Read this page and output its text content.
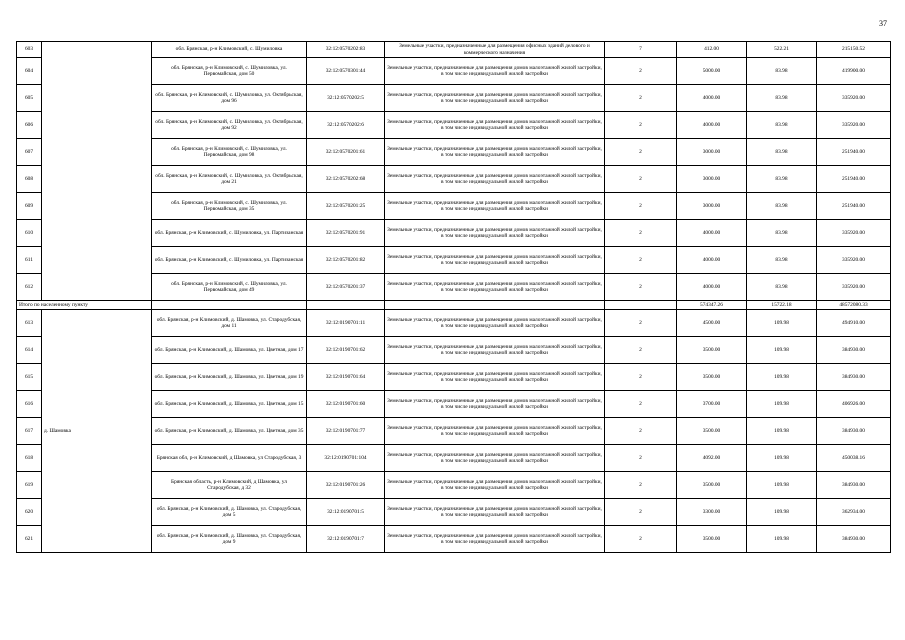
37
603		обл. Брянская, р-н Климовский, с. Шумиловка	32:12:0570202:83	Земельные участки, предназначенные для размещения офисных зданий делового и коммерческого назначения	7	412.00	522.21	215150.52
604		обл. Брянская, р-н Климовский, с. Шумиловка, ул. Первомайская, дом 50	32:12:0570301:44	Земельные участки, предназначенные для размещения домов малоэтажной жилой застройки, в том числе индивидуальной жилой застройки	2	5000.00	83.98	419900.00
605		обл. Брянская, р-н Климовский, с. Шумиловка, ул. Октябрьская, дом 96	32:12:0570202:5	Земельные участки, предназначенные для размещения домов малоэтажной жилой застройки, в том числе индивидуальной жилой застройки	2	4000.00	83.98	335920.00
606		обл. Брянская, р-н Климовский, с. Шумиловка, ул. Октябрьская, дом 92	32:12:0570202:6	Земельные участки, предназначенные для размещения домов малоэтажной жилой застройки, в том числе индивидуальной жилой застройки	2	4000.00	83.98	335920.00
607		обл. Брянская, р-н Климовский, с. Шумиловка, ул. Первомайская, дом 98	32:12:0570201:61	Земельные участки, предназначенные для размещения домов малоэтажной жилой застройки, в том числе индивидуальной жилой застройки	2	3000.00	83.98	251940.00
608		обл. Брянская, р-н Климовский, с. Шумиловка, ул. Октябрьская, дом 21	32:12:0570202:68	Земельные участки, предназначенные для размещения домов малоэтажной жилой застройки, в том числе индивидуальной жилой застройки	2	3000.00	83.98	251940.00
609		обл. Брянская, р-н Климовский, с. Шумиловка, ул. Первомайская, дом 35	32:12:0570201:25	Земельные участки, предназначенные для размещения домов малоэтажной жилой застройки, в том числе индивидуальной жилой застройки	2	3000.00	83.98	251940.00
610		обл. Брянская, р-н Климовский, с. Шумиловка, ул. Партизанская	32:12:0570201:91	Земельные участки, предназначенные для размещения домов малоэтажной жилой застройки, в том числе индивидуальной жилой застройки	2	4000.00	83.98	335920.00
611		обл. Брянская, р-н Климовский, с. Шумиловка, ул. Партизанская	32:12:0570201:82	Земельные участки, предназначенные для размещения домов малоэтажной жилой застройки, в том числе индивидуальной жилой застройки	2	4000.00	83.98	335920.00
612		обл. Брянская, р-н Климовский, с. Шумиловка, ул. Первомайская, дом 49	32:12:0570201:37	Земельные участки, предназначенные для размещения домов малоэтажной жилой застройки, в том числе индивидуальной жилой застройки	2	4000.00	83.98	335920.00
Итого по населенному пункту						574347.26	15722.18	48572080.33
613	д. Шамовка	обл. Брянская, р-н Климовский, д. Шамовка, ул. Стародубская, дом 11	32:12:0190701:11	Земельные участки, предназначенные для размещения домов малоэтажной жилой застройки, в том числе индивидуальной жилой застройки	2	4500.00	109.98	494910.00
614		обл. Брянская, р-н Климовский, д. Шамовка, ул. Цветная, дом 17	32:12:0190701:62	Земельные участки, предназначенные для размещения домов малоэтажной жилой застройки, в том числе индивидуальной жилой застройки	2	3500.00	109.98	384930.00
615		обл. Брянская, р-н Климовский, д. Шамовка, ул. Цветная, дом 19	32:12:0190701:64	Земельные участки, предназначенные для размещения домов малоэтажной жилой застройки, в том числе индивидуальной жилой застройки	2	3500.00	109.98	384930.00
616		обл. Брянская, р-н Климовский, д. Шамовка, ул. Цветная, дом 15	32:12:0190701:60	Земельные участки, предназначенные для размещения домов малоэтажной жилой застройки, в том числе индивидуальной жилой застройки	2	3700.00	109.98	406926.00
617		обл. Брянская, р-н Климовский, д. Шамовка, ул. Цветная, дом 35	32:12:0190701:77	Земельные участки, предназначенные для размещения домов малоэтажной жилой застройки, в том числе индивидуальной жилой застройки	2	3500.00	109.98	384930.00
618		Брянская обл, р-н Климовский, д Шамовка, ул Стародубская, 3	32:12:0190701:104	Земельные участки, предназначенные для размещения домов малоэтажной жилой застройки, в том числе индивидуальной жилой застройки	2	4092.00	109.98	450038.16
619		Брянская область, р-н Климовский, д Шамовка, ул Стародубская, д 32	32:12:0190701:26	Земельные участки, предназначенные для размещения домов малоэтажной жилой застройки, в том числе индивидуальной жилой застройки	2	3500.00	109.98	384930.00
620		обл. Брянская, р-н Климовский, д. Шамовка, ул. Стародубская, дом 5	32:12:0190701:5	Земельные участки, предназначенные для размещения домов малоэтажной жилой застройки, в том числе индивидуальной жилой застройки	2	3300.00	109.98	362934.00
621		обл. Брянская, р-н Климовский, д. Шамовка, ул. Стародубская, дом 9	32:12:0190701:7	Земельные участки, предназначенные для размещения домов малоэтажной жилой застройки, в том числе индивидуальной жилой застройки	2	3500.00	109.98	384930.00
